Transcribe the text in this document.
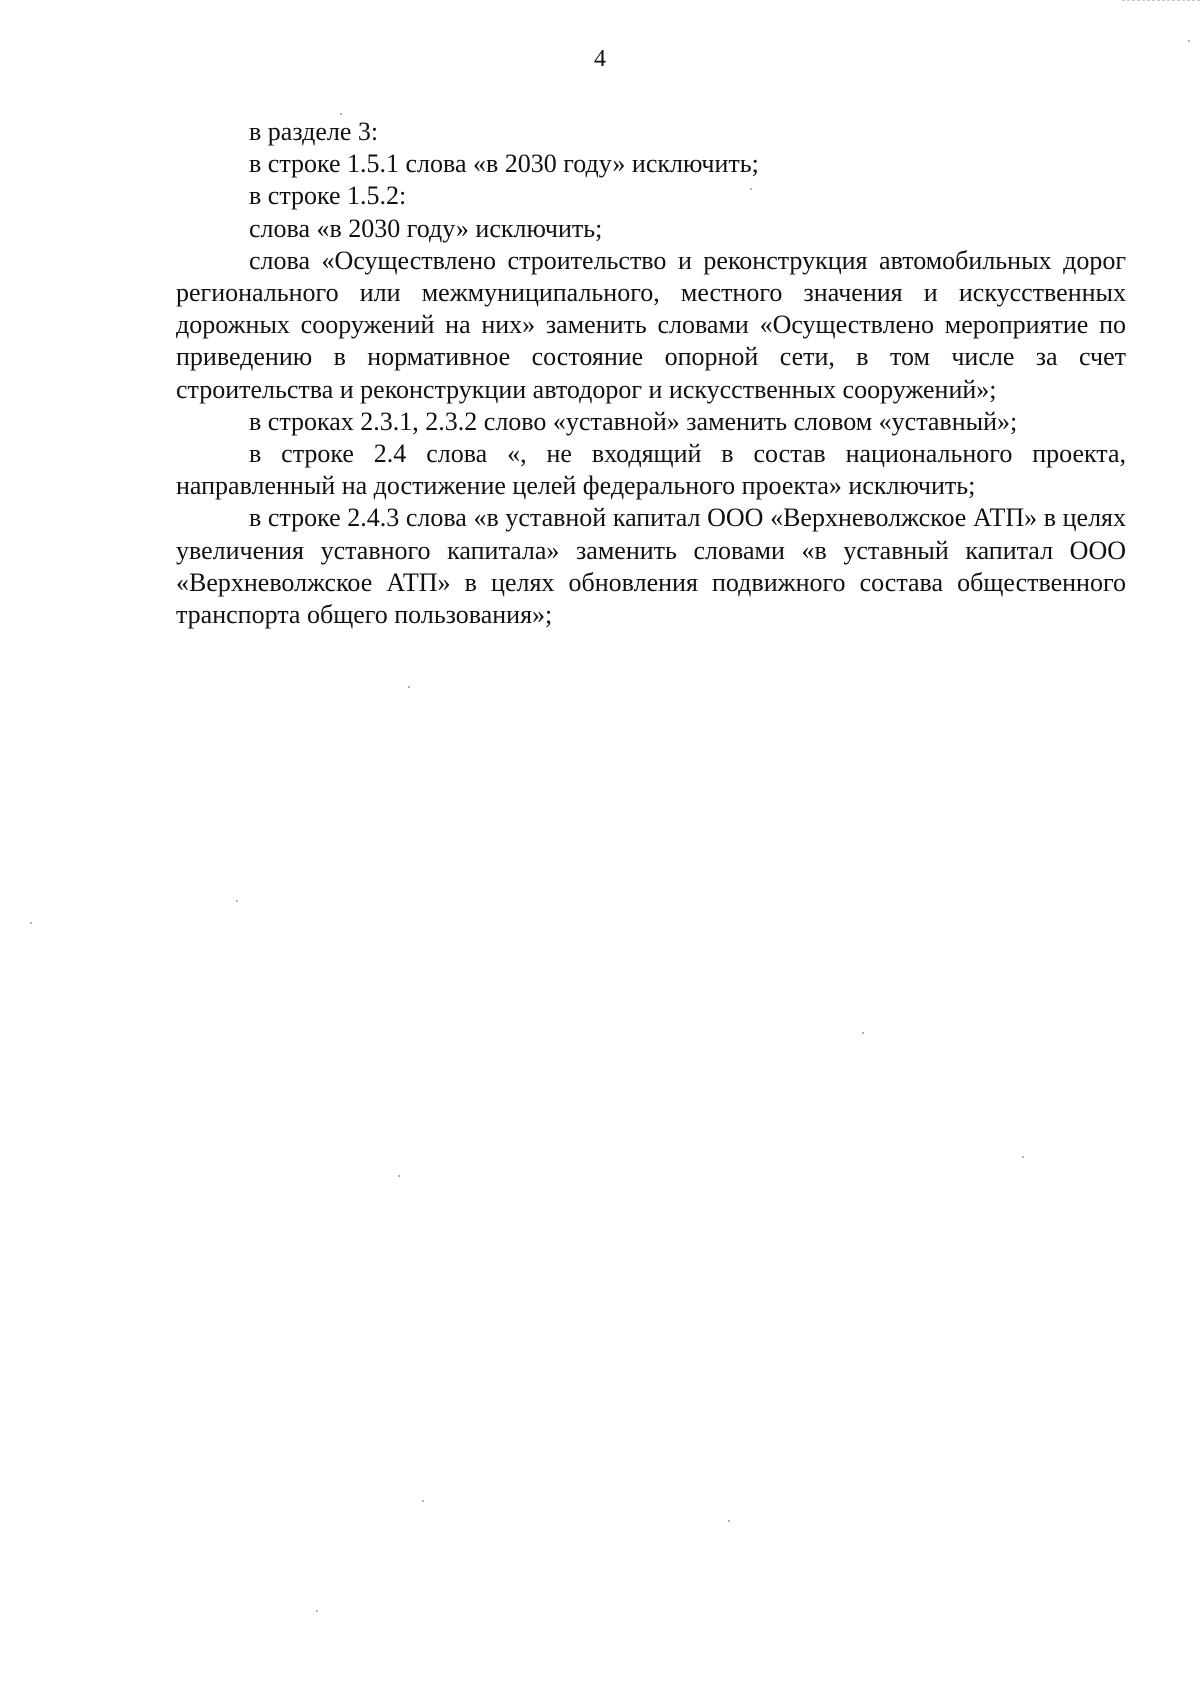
4

в разделе 3:

в строке 1.5.1 слова «в 2030 году» исключить;

в строке 1.5.2:

слова «в 2030 году» исключить;

слова «Осуществлено строительство и реконструкция автомобильных дорог регионального или межмуниципального, местного значения и искусственных дорожных сооружений на них» заменить словами «Осуществлено мероприятие по приведению в нормативное состояние опорной сети, в том числе за счет строительства и реконструкции автодорог и искусственных сооружений»;

в строках 2.3.1, 2.3.2 слово «уставной» заменить словом «уставный»;

в строке 2.4 слова «, не входящий в состав национального проекта, направленный на достижение целей федерального проекта» исключить;

в строке 2.4.3 слова «в уставной капитал ООО «Верхневолжское АТП» в целях увеличения уставного капитала» заменить словами «в уставный капитал ООО «Верхневолжское АТП» в целях обновления подвижного состава общественного транспорта общего пользования»;
